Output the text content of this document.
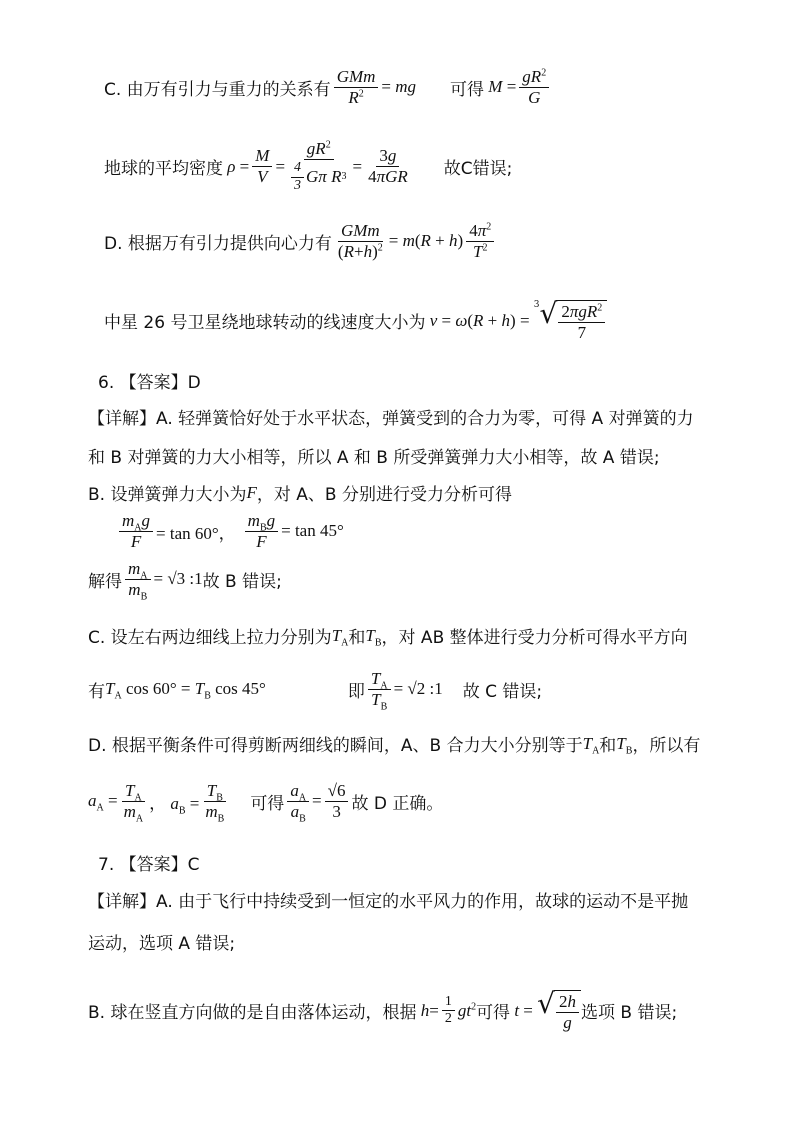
C. 由万有引力与重力的关系有 $\frac{\text{GMm}}{R^2}$ = mg 可得 $M = \frac{gR^2}{G}$
地球的平均密度 $\rho = \frac{M}{V} = \frac{gR^2}{\frac{4}{3} G\pi R 3} = \frac{3g}{\text{4πGR}}$ 故C错误;
D. 根据万有引力提供向心力有 $\frac{\text{GMm}}{(R+h)^2} = m(R + h) \frac{4\pi^2}{T^2}$
中星 26 号卫星绕地球转动的线速度大小为 v = ω(R + h) =
$^3√ \frac{2\pi gR^2}{7}$
6. 【答案】D
【详解】A. 轻弹簧恰好处于水平状态，弹簧受到的合力为零，可得 A 对弹簧的力
和 B 对弹簧的力大小相等，所以 A 和 B 所受弹簧弹力大小相等，故 A 错误;
B. 设弹簧弹力大小为 F ，对 A、B 分别进行受力分析可得
$\frac{m_Ag}{F} = \tan 60^\circ$， $\frac{m_Bg}{F} = \tan 45^\circ$
解得 $\frac{m_A}{m_B} = √3$ :1 故 B 错误;
C. 设左右两边细线上拉力分别为 $T_A$ 和 $T_B$ ，对 AB 整体进行受力分析可得水平方向
有 $T_A$ $\cos 60^\circ = T_B$ cos 45°	即 $\frac{T_A}{T_B} = √2$ :1 故 C 错误;
D. 根据平衡条件可得剪断两细线的瞬间，A、B 合力大小分别等于 $T_A$ 和 $T_B$ ，所以有
$a_A = \frac{T_A}{m_A}$ ， $a_B = \frac{T_B}{m_B}$ 可得 $\frac{a_A}{a_B} = \frac{√6}{3}$ 故 D 正确。
7. 【答案】C
【详解】A. 由于飞行中持续受到一恒定的水平风力的作用，故球的运动不是平抛
运动，选项 A 错误;
B. 球在竖直方向做的是自由落体运动，根据 $h= \frac{1}{2} gt^2$ 可得 t = √ $\frac{2h}{g}$ 选项 B 错误;
